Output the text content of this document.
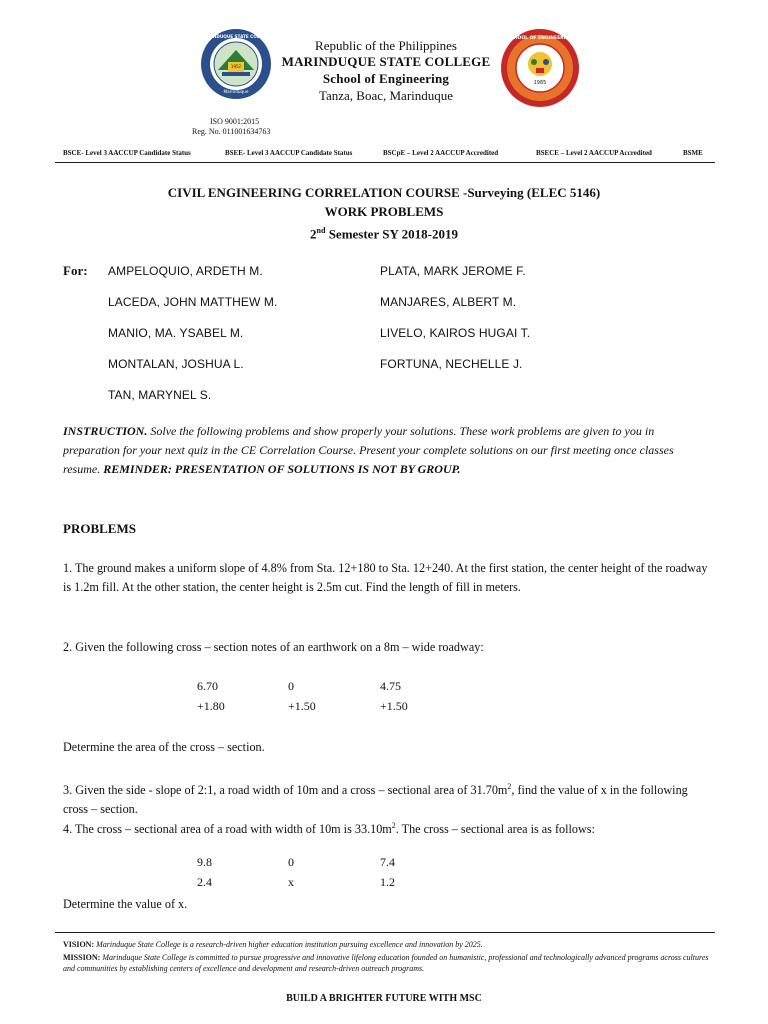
1952
Marinduque
MARINDUQUE STATE COLLEGE
1985
SCHOOL OF ENGINEERING
Republic of the Philippines
MARINDUQUE STATE COLLEGE
School of Engineering
Tanza, Boac, Marinduque
ISO 9001:2015
Reg. No. 011001634763
BSCE- Level 3 AACCUP Candidate Status	BSEE- Level 3 AACCUP Candidate Status	BSCpE – Level 2 AACCUP Accredited	BSECE – Level 2 AACCUP Accredited	BSME
CIVIL ENGINEERING CORRELATION COURSE -Surveying (ELEC 5146)
WORK PROBLEMS
2nd Semester SY 2018-2019
For: AMPELOQUIO, ARDETH M.
LACEDA, JOHN MATTHEW M.
MANIO, MA. YSABEL M.
MONTALAN, JOSHUA L.
TAN, MARYNEL S.
PLATA, MARK JEROME F.
MANJARES, ALBERT M.
LIVELO, KAIROS HUGAI T.
FORTUNA, NECHELLE J.
INSTRUCTION. Solve the following problems and show properly your solutions. These work problems are given to you in preparation for your next quiz in the CE Correlation Course. Present your complete solutions on our first meeting once classes resume. REMINDER: PRESENTATION OF SOLUTIONS IS NOT BY GROUP.
PROBLEMS
1. The ground makes a uniform slope of 4.8% from Sta. 12+180 to Sta. 12+240. At the first station, the center height of the roadway is 1.2m fill. At the other station, the center height is 2.5m cut. Find the length of fill in meters.
2. Given the following cross – section notes of an earthwork on a 8m – wide roadway:
6.70	0	4.75
+1.80	+1.50	+1.50
Determine the area of the cross – section.
3. Given the side - slope of 2:1, a road width of 10m and a cross – sectional area of $31.70m^2$, find the value of x in the following cross – section.
4. The cross – sectional area of a road with width of 10m is $33.10m^2$. The cross – sectional area is as follows:
9.8	0	7.4
2.4	x	1.2
Determine the value of x.
VISION: Marinduque State College is a research-driven higher education institution pursuing excellence and innovation by 2025.
MISSION: Marinduque State College is committed to pursue progressive and innovative lifelong education founded on humanistic, professional and technologically advanced programs across cultures and communities by establishing centers of excellence and development and research-driven outreach programs.
BUILD A BRIGHTER FUTURE WITH MSC
